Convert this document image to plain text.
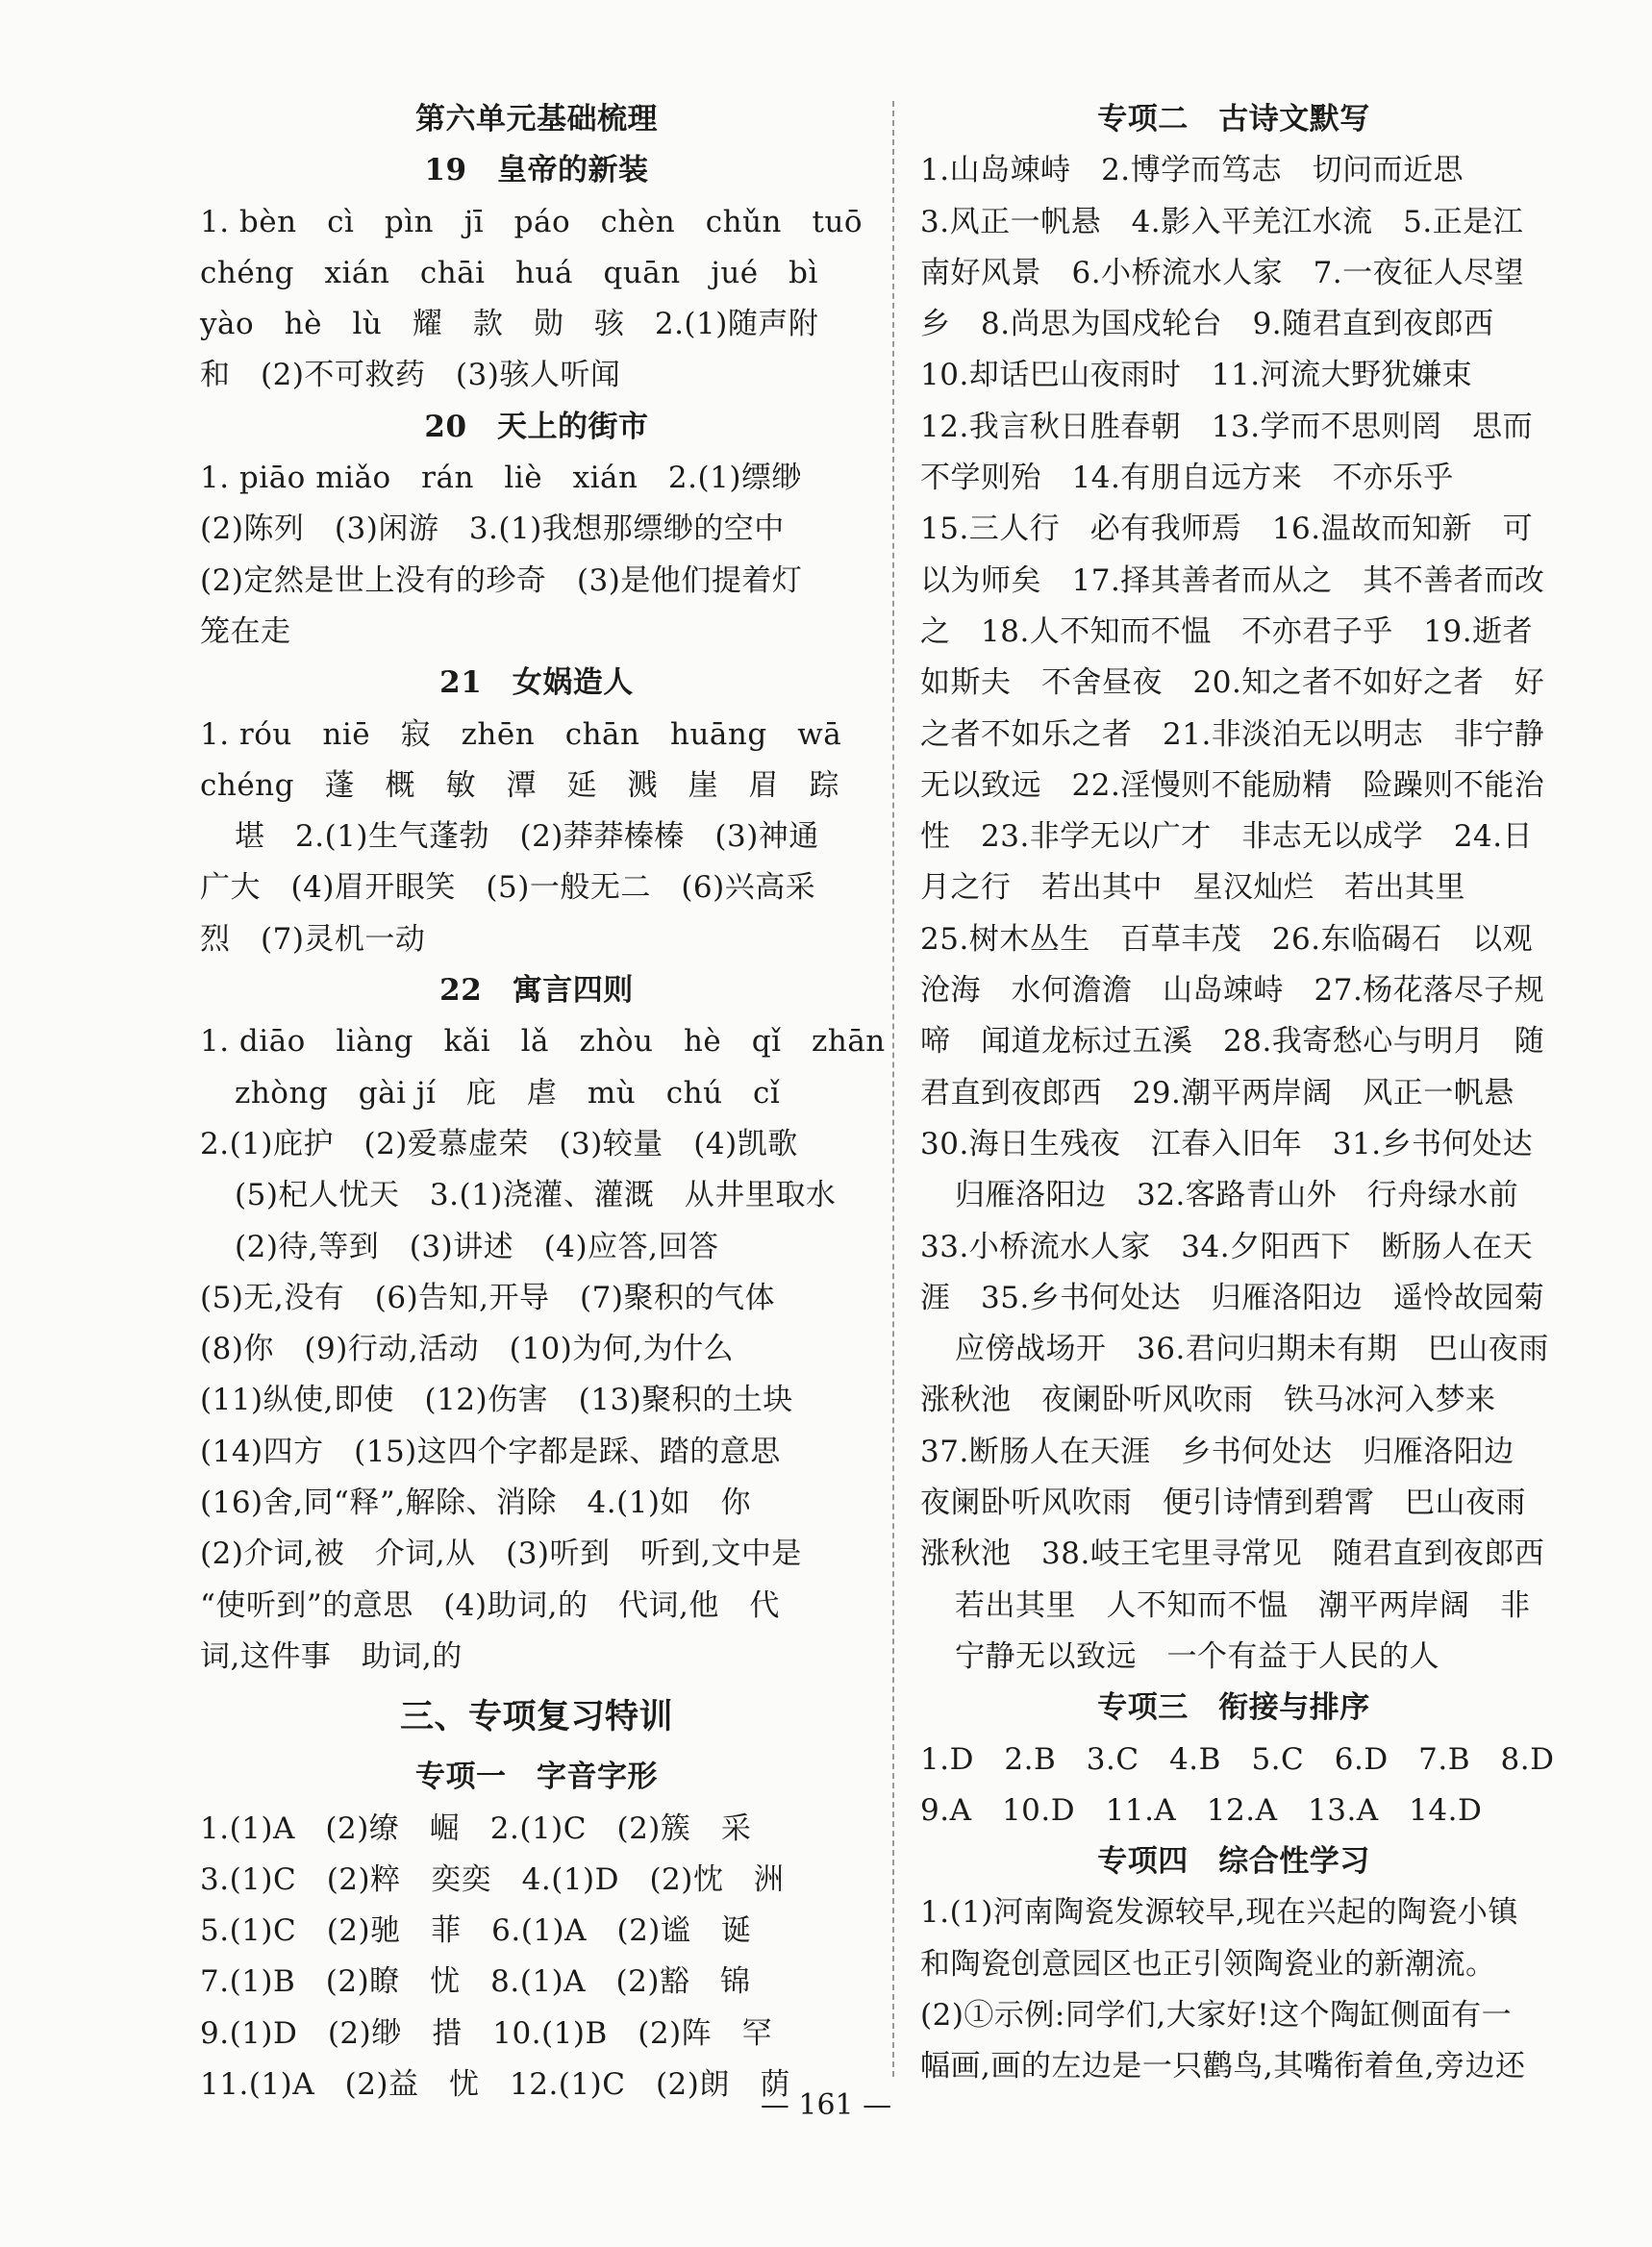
第六单元基础梳理
19　皇帝的新装
1. bèn　cì　pìn　jī　páo　chèn　chǔn　tuō
chéng　xián　chāi　huá　quān　jué　bì
yào　hè　lù　耀　款　勋　骇　2.(1)随声附
和　(2)不可救药　(3)骇人听闻
20　天上的街市
1. piāo miǎo　rán　liè　xián　2.(1)缥缈
(2)陈列　(3)闲游　3.(1)我想那缥缈的空中
(2)定然是世上没有的珍奇　(3)是他们提着灯
笼在走
21　女娲造人
1. róu　niē　寂　zhēn　chān　huāng　wā
chéng　蓬　概　敏　潭　延　溅　崖　眉　踪
堪　2.(1)生气蓬勃　(2)莽莽榛榛　(3)神通
广大　(4)眉开眼笑　(5)一般无二　(6)兴高采
烈　(7)灵机一动
22　寓言四则
1. diāo　liàng　kǎi　lǎ　zhòu　hè　qǐ　zhān
zhòng　gài jí　庇　虐　mù　chú　cǐ
2.(1)庇护　(2)爱慕虚荣　(3)较量　(4)凯歌
(5)杞人忧天　3.(1)浇灌、灌溉　从井里取水
(2)待,等到　(3)讲述　(4)应答,回答
(5)无,没有　(6)告知,开导　(7)聚积的气体
(8)你　(9)行动,活动　(10)为何,为什么
(11)纵使,即使　(12)伤害　(13)聚积的土块
(14)四方　(15)这四个字都是踩、踏的意思
(16)舍,同“释”,解除、消除　4.(1)如　你
(2)介词,被　介词,从　(3)听到　听到,文中是
“使听到”的意思　(4)助词,的　代词,他　代
词,这件事　助词,的
三、专项复习特训
专项一　字音字形
1.(1)A　(2)缭　崛　2.(1)C　(2)簇　采
3.(1)C　(2)粹　奕奕　4.(1)D　(2)忱　洲
5.(1)C　(2)驰　菲　6.(1)A　(2)谧　诞
7.(1)B　(2)瞭　忧　8.(1)A　(2)豁　锦
9.(1)D　(2)缈　措　10.(1)B　(2)阵　罕
11.(1)A　(2)益　忧　12.(1)C　(2)朗　荫
专项二　古诗文默写
1.山岛竦峙　2.博学而笃志　切问而近思
3.风正一帆悬　4.影入平羌江水流　5.正是江
南好风景　6.小桥流水人家　7.一夜征人尽望
乡　8.尚思为国戍轮台　9.随君直到夜郎西
10.却话巴山夜雨时　11.河流大野犹嫌束
12.我言秋日胜春朝　13.学而不思则罔　思而
不学则殆　14.有朋自远方来　不亦乐乎
15.三人行　必有我师焉　16.温故而知新　可
以为师矣　17.择其善者而从之　其不善者而改
之　18.人不知而不愠　不亦君子乎　19.逝者
如斯夫　不舍昼夜　20.知之者不如好之者　好
之者不如乐之者　21.非淡泊无以明志　非宁静
无以致远　22.淫慢则不能励精　险躁则不能治
性　23.非学无以广才　非志无以成学　24.日
月之行　若出其中　星汉灿烂　若出其里
25.树木丛生　百草丰茂　26.东临碣石　以观
沧海　水何澹澹　山岛竦峙　27.杨花落尽子规
啼　闻道龙标过五溪　28.我寄愁心与明月　随
君直到夜郎西　29.潮平两岸阔　风正一帆悬
30.海日生残夜　江春入旧年　31.乡书何处达
归雁洛阳边　32.客路青山外　行舟绿水前
33.小桥流水人家　34.夕阳西下　断肠人在天
涯　35.乡书何处达　归雁洛阳边　遥怜故园菊
应傍战场开　36.君问归期未有期　巴山夜雨
涨秋池　夜阑卧听风吹雨　铁马冰河入梦来
37.断肠人在天涯　乡书何处达　归雁洛阳边
夜阑卧听风吹雨　便引诗情到碧霄　巴山夜雨
涨秋池　38.岐王宅里寻常见　随君直到夜郎西
若出其里　人不知而不愠　潮平两岸阔　非
宁静无以致远　一个有益于人民的人
专项三　衔接与排序
1.D　2.B　3.C　4.B　5.C　6.D　7.B　8.D
9.A　10.D　11.A　12.A　13.A　14.D
专项四　综合性学习
1.(1)河南陶瓷发源较早,现在兴起的陶瓷小镇
和陶瓷创意园区也正引领陶瓷业的新潮流。
(2)①示例:同学们,大家好!这个陶缸侧面有一
幅画,画的左边是一只鹳鸟,其嘴衔着鱼,旁边还
— 161 —
